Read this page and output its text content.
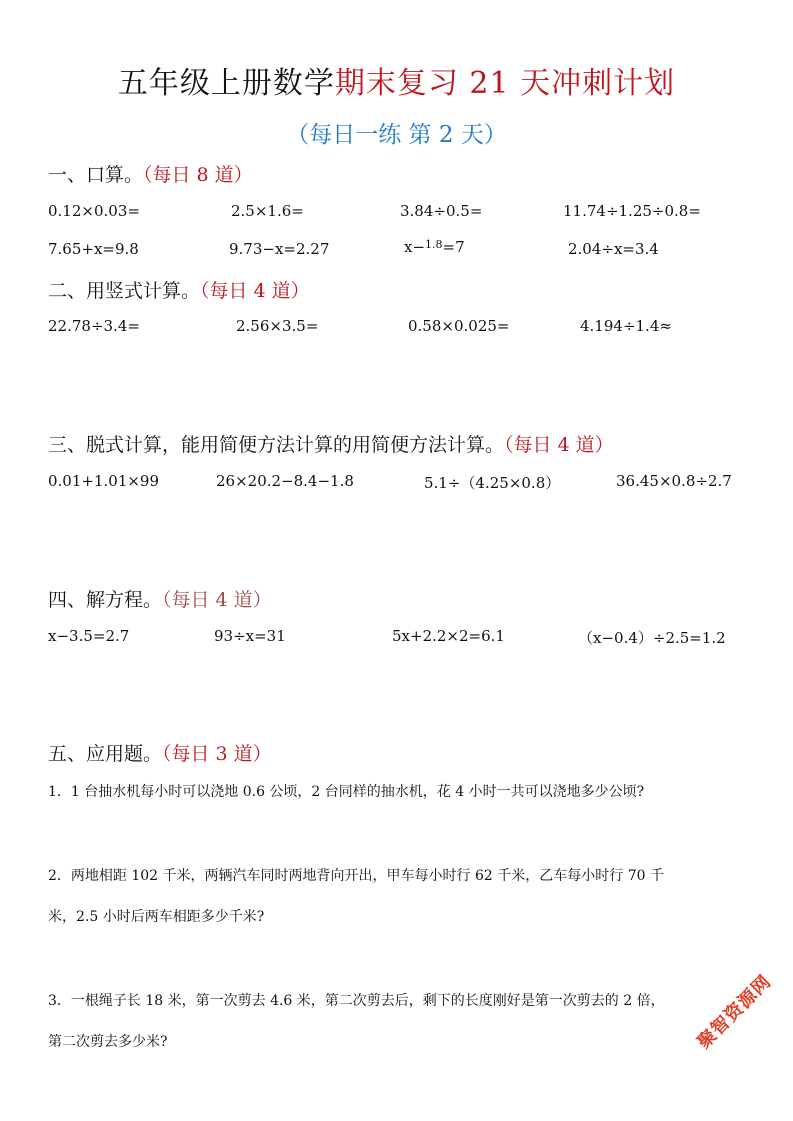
五年级上册数学期末复习 21 天冲刺计划
（每日一练 第 2 天）
一、口算。（每日 8 道）
0.12×0.03=	2.5×1.6=	3.84÷0.5=	11.74÷1.25÷0.8=
7.65+x=9.8	9.73−x=2.27	x−$^{1.8}$=7	2.04÷x=3.4
二、用竖式计算。（每日 4 道）
22.78÷3.4=	2.56×3.5=	0.58×0.025=	4.194÷1.4≈
三、脱式计算，能用简便方法计算的用简便方法计算。（每日 4 道）
0.01+1.01×99	26×20.2−8.4−1.8	5.1÷（4.25×0.8）	36.45×0.8÷2.7
四、解方程。（每日 4 道）
x−3.5=2.7	93÷x=31	5x+2.2×2=6.1	（x−0.4）÷2.5=1.2
五、应用题。（每日 3 道）
1．1 台抽水机每小时可以浇地 0.6 公顷，2 台同样的抽水机，花 4 小时一共可以浇地多少公顷?
2．两地相距 102 千米，两辆汽车同时两地背向开出，甲车每小时行 62 千米，乙车每小时行 70 千
米，2.5 小时后两车相距多少千米?
3．一根绳子长 18 米，第一次剪去 4.6 米，第二次剪去后，剩下的长度刚好是第一次剪去的 2 倍，
第二次剪去多少米?	聚智资源网
